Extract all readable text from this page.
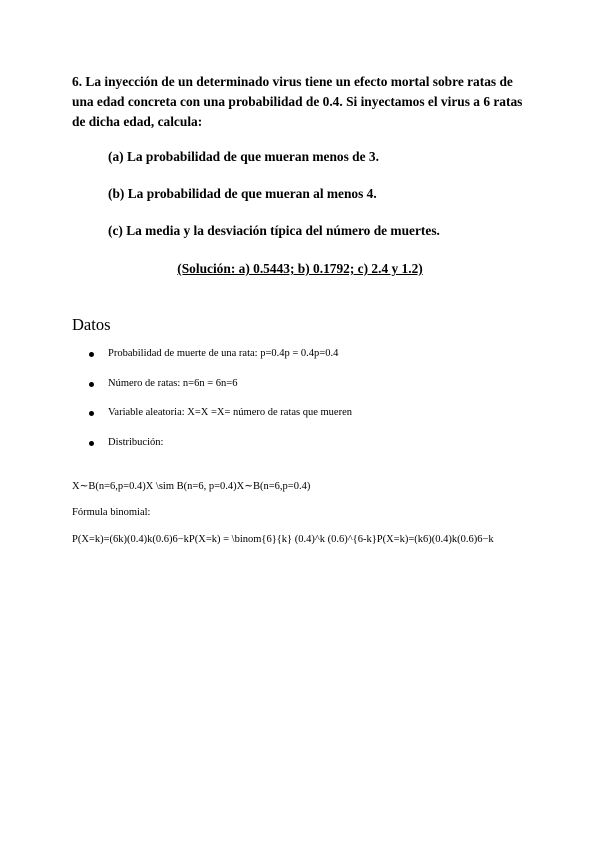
6. La inyección de un determinado virus tiene un efecto mortal sobre ratas de una edad concreta con una probabilidad de 0.4. Si inyectamos el virus a 6 ratas de dicha edad, calcula:

(a) La probabilidad de que mueran menos de 3.

(b) La probabilidad de que mueran al menos 4.

(c) La media y la desviación típica del número de muertes.

(Solución: a) 0.5443; b) 0.1792; c) 2.4 y 1.2)

Datos
Probabilidad de muerte de una rata: p=0.4p = 0.4p=0.4
Número de ratas: n=6n = 6n=6
Variable aleatoria: X=X =X= número de ratas que mueren
Distribución:

X∼B(n=6,p=0.4)X \sim B(n=6, p=0.4)X∼B(n=6,p=0.4)

Fórmula binomial:

P(X=k)=(6k)(0.4)k(0.6)6−kP(X=k) = \binom{6}{k} (0.4)^k (0.6)^{6-k}P(X=k)=(k6)(0.4)k(0.6)6−k
